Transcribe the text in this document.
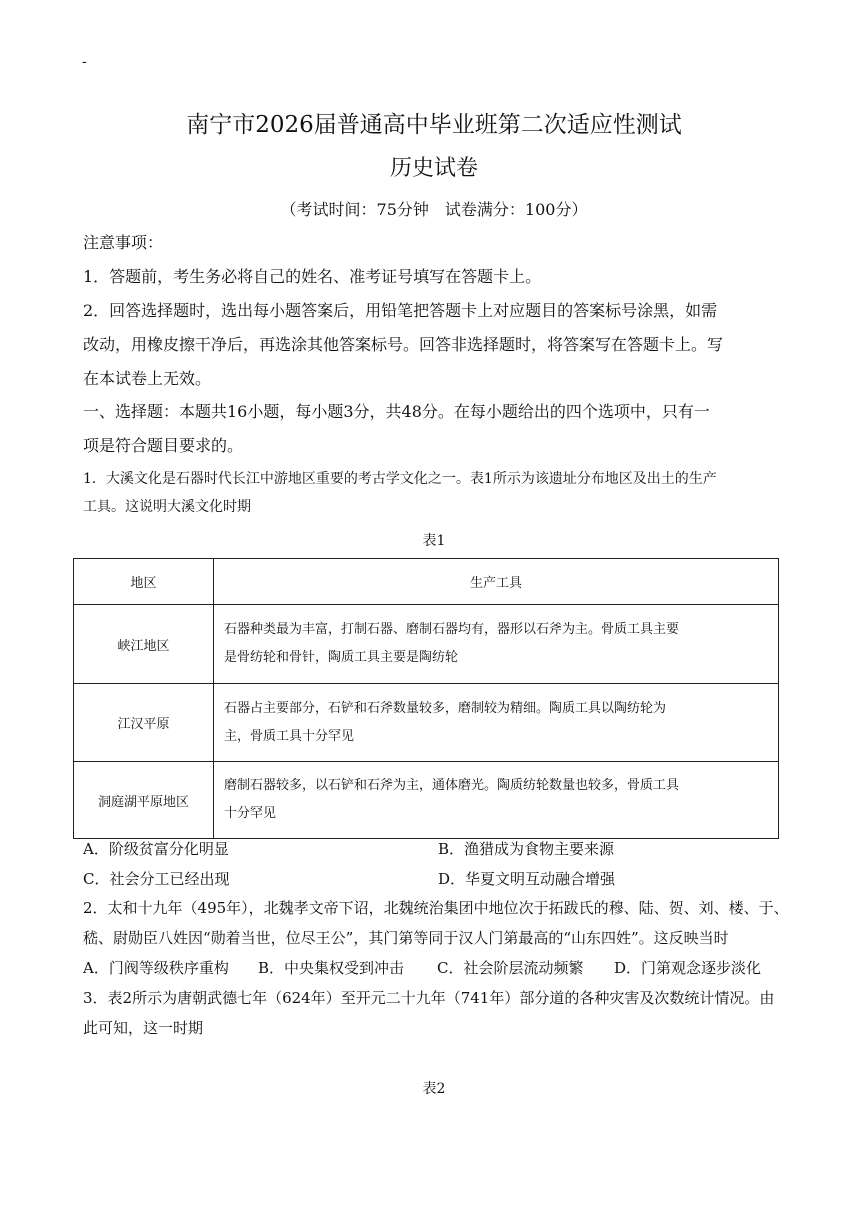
-
南宁市2026届普通高中毕业班第二次适应性测试
历史试卷
（考试时间：75分钟　试卷满分：100分）
注意事项：
1．答题前，考生务必将自己的姓名、准考证号填写在答题卡上。
2．回答选择题时，选出每小题答案后，用铅笔把答题卡上对应题目的答案标号涂黑，如需
改动，用橡皮擦干净后，再选涂其他答案标号。回答非选择题时，将答案写在答题卡上。写
在本试卷上无效。
一、选择题：本题共16小题，每小题3分，共48分。在每小题给出的四个选项中，只有一
项是符合题目要求的。
1．大溪文化是石器时代长江中游地区重要的考古学文化之一。表1所示为该遗址分布地区及出土的生产
工具。这说明大溪文化时期
表1
地区	生产工具
峡江地区	石器种类最为丰富，打制石器、磨制石器均有，器形以石斧为主。骨质工具主要
是骨纺轮和骨针，陶质工具主要是陶纺轮

江汉平原	石器占主要部分，石铲和石斧数量较多，磨制较为精细。陶质工具以陶纺轮为
主，骨质工具十分罕见

洞庭湖平原地区	磨制石器较多，以石铲和石斧为主，通体磨光。陶质纺轮数量也较多，骨质工具
十分罕见
A．阶级贫富分化明显	B．渔猎成为食物主要来源
C．社会分工已经出现	D．华夏文明互动融合增强
2．太和十九年（495年），北魏孝文帝下诏，北魏统治集团中地位次于拓跋氏的穆、陆、贺、刘、楼、于、
嵇、尉勋臣八姓因“勋着当世，位尽王公”，其门第等同于汉人门第最高的“山东四姓”。这反映当时
A．门阀等级秩序重构 B．中央集权受到冲击 C．社会阶层流动频繁 D．门第观念逐步淡化
3．表2所示为唐朝武德七年（624年）至开元二十九年（741年）部分道的各种灾害及次数统计情况。由
此可知，这一时期
表2
